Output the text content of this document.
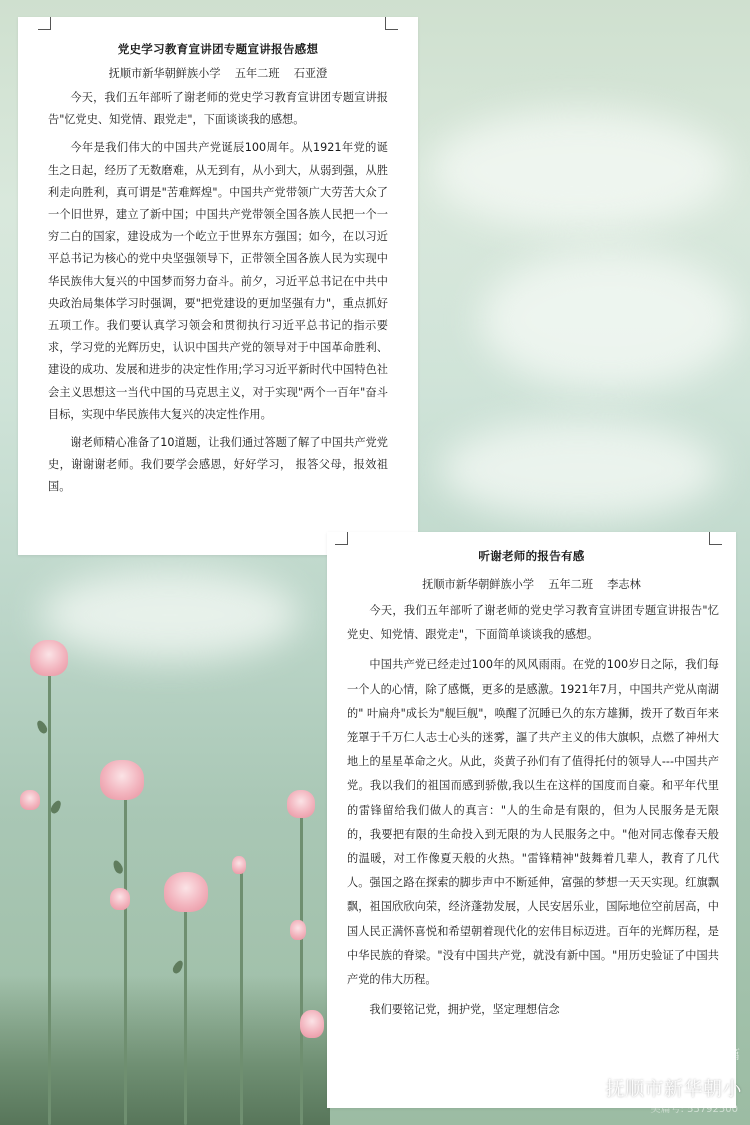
党史学习教育宣讲团专题宣讲报告感想
抚顺市新华朝鲜族小学    五年二班    石亚澄

今天，我们五年部听了谢老师的党史学习教育宣讲团专题宣讲报告"忆党史、知党情、跟党走"，下面谈谈我的感想。

今年是我们伟大的中国共产党诞辰100周年。从1921年党的诞生之日起，经历了无数磨难，从无到有，从小到大，从弱到强，从胜利走向胜利，真可谓是"苦难辉煌"。中国共产党带领广大劳苦大众了一个旧世界，建立了新中国；中国共产党带领全国各族人民把一个一穷二白的国家，建设成为一个屹立于世界东方强国；如今，在以习近平总书记为核心的党中央坚强领导下，正带领全国各族人民为实现中华民族伟大复兴的中国梦而努力奋斗。前夕，习近平总书记在中共中央政治局集体学习时强调，要"把党建设的更加坚强有力"，重点抓好五项工作。我们要认真学习领会和贯彻执行习近平总书记的指示要求，学习党的光辉历史，认识中国共产党的领导对于中国革命胜利、建设的成功、发展和进步的决定性作用;学习习近平新时代中国特色社会主义思想这一当代中国的马克思主义，对于实现"两个一百年"奋斗目标，实现中华民族伟大复兴的决定性作用。

谢老师精心准备了10道题，让我们通过答题了解了中国共产党党史，谢谢谢老师。我们要学会感恩，好好学习， 报答父母，报效祖国。

听谢老师的报告有感
抚顺市新华朝鲜族小学    五年二班    李志林

今天，我们五年部听了谢老师的党史学习教育宣讲团专题宣讲报告"忆党史、知党情、跟党走"，下面简单谈谈我的感想。

中国共产党已经走过100年的风风雨雨。在党的100岁日之际，我们每一个人的心情，除了感慨，更多的是感激。1921年7月，中国共产党从南湖的" 叶扁舟"成长为"舰巨舰"，唤醒了沉睡已久的东方雄狮，拨开了数百年来笼罩于千万仁人志士心头的迷雾，謳了共产主义的伟大旗帜，点燃了神州大地上的星星革命之火。从此，炎黄子孙们有了值得托付的领导人---中国共产党。我以我们的祖国而感到骄傲,我以生在这样的国度而自豪。和平年代里的雷锋留给我们做人的真言："人的生命是有限的，但为人民服务是无限的，我要把有限的生命投入到无限的为人民服务之中。"他对同志像春天般的温暖，对工作像夏天般的火热。"雷锋精神"鼓舞着几辈人，教育了几代人。强国之路在探索的脚步声中不断延伸，富强的梦想一天天实现。红旗飘飘，祖国欣欣向荣，经济蓬勃发展，人民安居乐业，国际地位空前居高，中国人民正满怀喜悦和希望朝着现代化的宏伟目标迈进。百年的光辉历程，是中华民族的脊梁。"没有中国共产党，就没有新中国。"用历史验证了中国共产党的伟大历程。

我们要铭记党，拥护党，坚定理想信念

美篇
抚顺市新华朝小
美篇号: 55792500
